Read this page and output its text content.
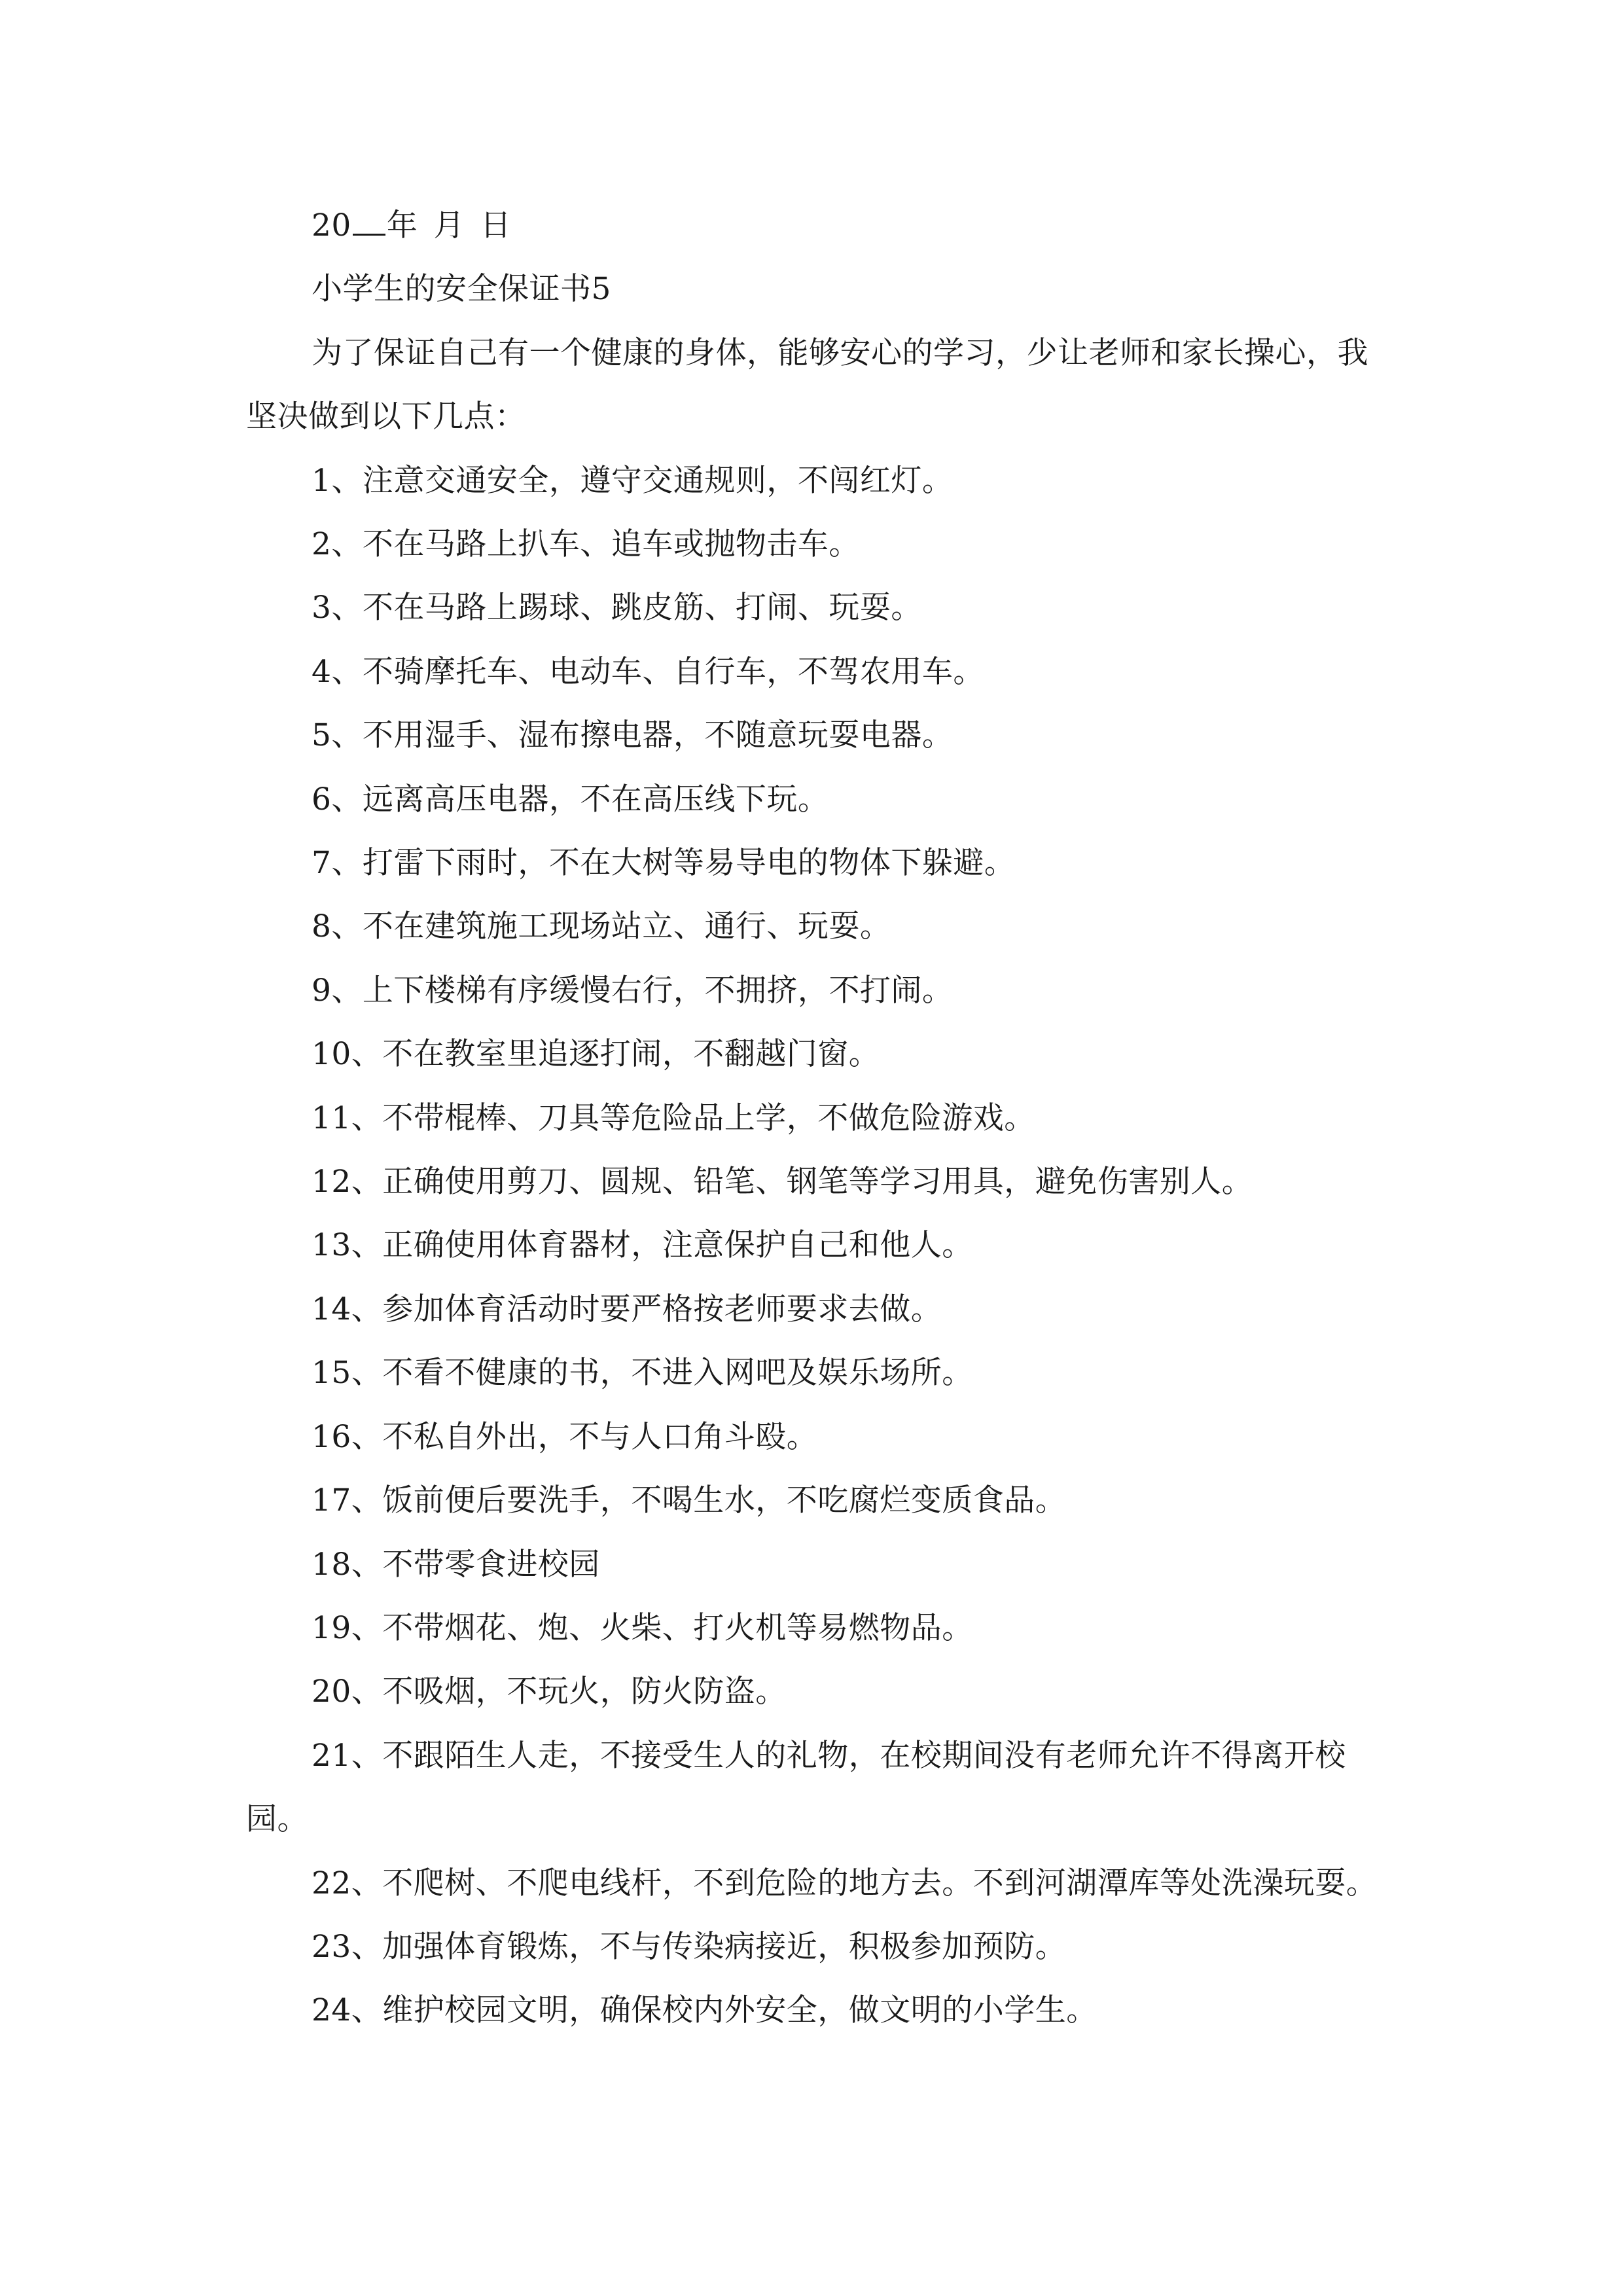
20 年 月 日
小学生的安全保证书5

为了保证自己有一个健康的身体，能够安心的学习，少让老师和家长操心，我坚决做到以下几点：

1、注意交通安全，遵守交通规则，不闯红灯。

2、不在马路上扒车、追车或抛物击车。

3、不在马路上踢球、跳皮筋、打闹、玩耍。

4、不骑摩托车、电动车、自行车，不驾农用车。

5、不用湿手、湿布擦电器，不随意玩耍电器。

6、远离高压电器，不在高压线下玩。

7、打雷下雨时，不在大树等易导电的物体下躲避。

8、不在建筑施工现场站立、通行、玩耍。

9、上下楼梯有序缓慢右行，不拥挤，不打闹。

10、不在教室里追逐打闹，不翻越门窗。

11、不带棍棒、刀具等危险品上学，不做危险游戏。

12、正确使用剪刀、圆规、铅笔、钢笔等学习用具，避免伤害别人。

13、正确使用体育器材，注意保护自己和他人。

14、参加体育活动时要严格按老师要求去做。

15、不看不健康的书，不进入网吧及娱乐场所。

16、不私自外出，不与人口角斗殴。

17、饭前便后要洗手，不喝生水，不吃腐烂变质食品。

18、不带零食进校园

19、不带烟花、炮、火柴、打火机等易燃物品。

20、不吸烟，不玩火，防火防盗。

21、不跟陌生人走，不接受生人的礼物，在校期间没有老师允许不得离开校园。

22、不爬树、不爬电线杆，不到危险的地方去。不到河湖潭库等处洗澡玩耍。

23、加强体育锻炼，不与传染病接近，积极参加预防。

24、维护校园文明，确保校内外安全，做文明的小学生。
